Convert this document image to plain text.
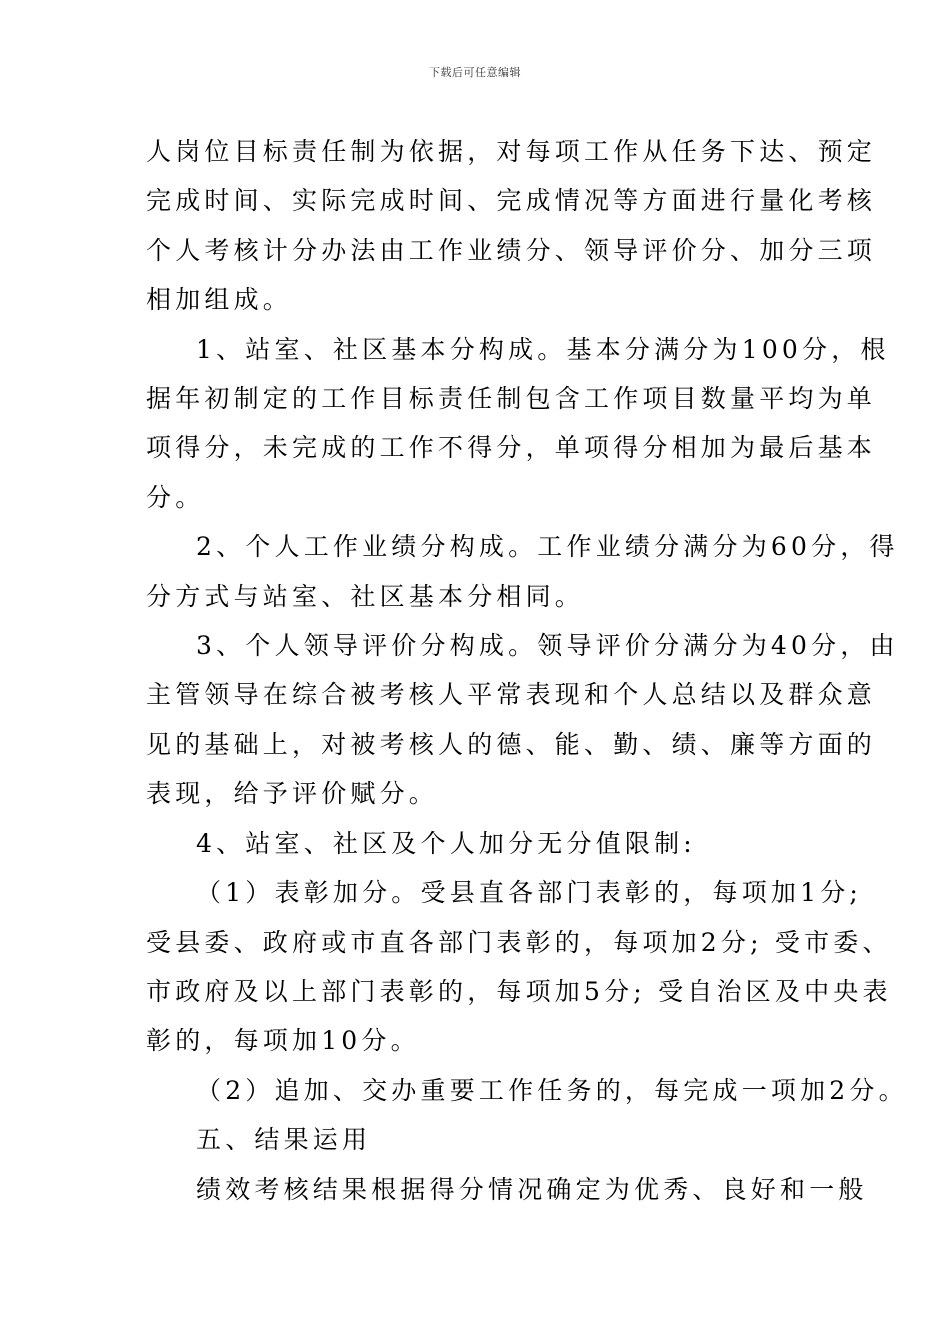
下载后可任意编辑

人岗位目标责任制为依据，对每项工作从任务下达、预定
完成时间、实际完成时间、完成情况等方面进行量化考核
个人考核计分办法由工作业绩分、领导评价分、加分三项
相加组成。

1、站室、社区基本分构成。基本分满分为100分，根
据年初制定的工作目标责任制包含工作项目数量平均为单
项得分，未完成的工作不得分，单项得分相加为最后基本
分。

2、个人工作业绩分构成。工作业绩分满分为60分，得
分方式与站室、社区基本分相同。

3、个人领导评价分构成。领导评价分满分为40分，由
主管领导在综合被考核人平常表现和个人总结以及群众意
见的基础上，对被考核人的德、能、勤、绩、廉等方面的
表现，给予评价赋分。

4、站室、社区及个人加分无分值限制:

（1）表彰加分。受县直各部门表彰的，每项加1分;
受县委、政府或市直各部门表彰的，每项加2分; 受市委、
市政府及以上部门表彰的，每项加5分; 受自治区及中央表
彰的，每项加10分。

（2）追加、交办重要工作任务的，每完成一项加2分。

五、结果运用

绩效考核结果根据得分情况确定为优秀、良好和一般
